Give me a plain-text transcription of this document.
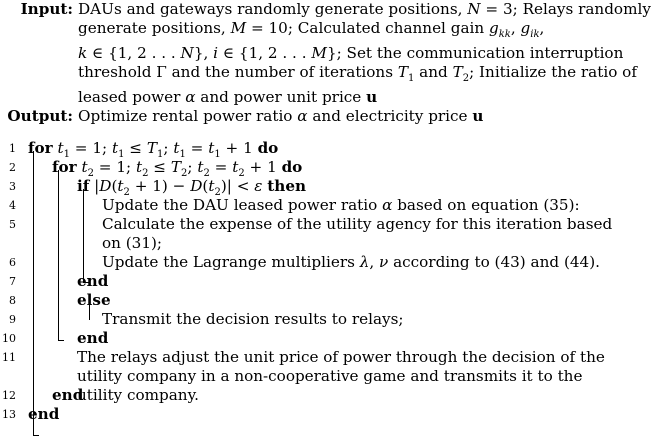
Input: DAUs and gateways randomly generate positions, N = 3; Relays randomly
generate positions, M = 10; Calculated channel gain $g_{kk}$, $g_{ik}$,
k ∈ {1, 2 . . . N}, i ∈ {1, 2 . . . M}; Set the communication interruption
threshold Γ and the number of iterations $T_1$ and $T_2$; Initialize the ratio of
leased power α and power unit price u
Output: Optimize rental power ratio α and electricity price u
1 for $t_1 = 1$; $t_1 \le T_1$; $t_1 = t_1 + 1$ do
2 for $t_2 = 1$; $t_2 \le T_2$; $t_2 = t_2 + 1$ do
3	if $|D(t_2 + 1) - D(t_2)| < \varepsilon$ then
4	Update the DAU leased power ratio α based on equation (35):
5	Calculate the expense of the utility agency for this iteration based on (31);
6	Update the Lagrange multipliers λ, ν according to (43) and (44).
7	end
8	else
9	Transmit the decision results to relays;
10	end
11	The relays adjust the unit price of power through the decision of the utility company in a non-cooperative game and transmits it to the utility company.
12 end
13 end
